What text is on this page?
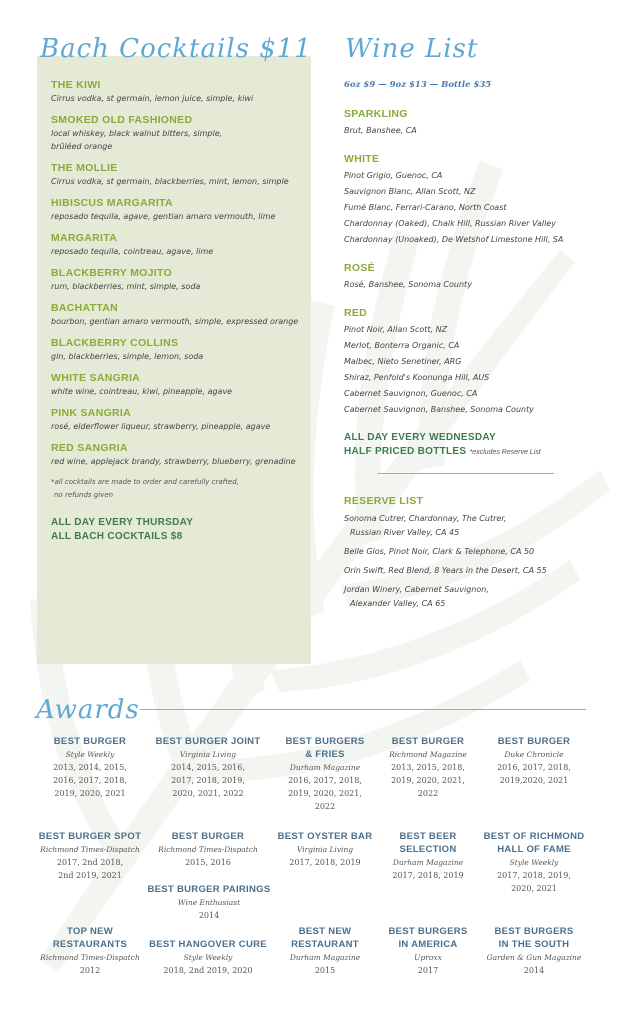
Bach Cocktails $11
THE KIWI
Cirrus vodka, st germain, lemon juice, simple, kiwi
SMOKED OLD FASHIONED
local whiskey, black walnut bitters, simple,
brûléed orange
THE MOLLIE
Cirrus vodka, st germain, blackberries, mint, lemon, simple
HIBISCUS MARGARITA
reposado tequila, agave, gentian amaro vermouth, lime
MARGARITA
reposado tequila, cointreau, agave, lime
BLACKBERRY MOJITO
rum, blackberries, mint, simple, soda
BACHATTAN
bourbon, gentian amaro vermouth, simple, expressed orange
BLACKBERRY COLLINS
gin, blackberries, simple, lemon, soda
WHITE SANGRIA
white wine, cointreau, kiwi, pineapple, agave
PINK SANGRIA
rosé, elderflower liqueur, strawberry, pineapple, agave
RED SANGRIA
red wine, applejack brandy, strawberry, blueberry, grenadine
*all cocktails are made to order and carefully crafted,
no refunds given
ALL DAY EVERY THURSDAY
ALL BACH COCKTAILS $8
Wine List
6oz $9 — 9oz $13 — Bottle $35
SPARKLING
Brut, Banshee, CA
WHITE
Pinot Grigio, Guenoc, CA
Sauvignon Blanc, Allan Scott, NZ
Fumé Blanc, Ferrari-Carano, North Coast
Chardonnay (Oaked), Chalk Hill, Russian River Valley
Chardonnay (Unoaked), De Wetshof Limestone Hill, SA
ROSÉ
Rosé, Banshee, Sonoma County
RED
Pinot Noir, Allan Scott, NZ
Merlot, Bonterra Organic, CA
Malbec, Nieto Senetiner, ARG
Shiraz, Penfold's Koonunga Hill, AUS
Cabernet Sauvignon, Guenoc, CA
Cabernet Sauvignon, Banshee, Sonoma County
ALL DAY EVERY WEDNESDAY
HALF PRICED BOTTLES *excludes Reserve List
RESERVE LIST
Sonoma Cutrer, Chardonnay, The Cutrer,
Russian River Valley, CA 45
Belle Glos, Pinot Noir, Clark & Telephone, CA 50
Orin Swift, Red Blend, 8 Years in the Desert, CA 55
Jordan Winery, Cabernet Sauvignon,
Alexander Valley, CA 65
Awards
BEST BURGER
Style Weekly
2013, 2014, 2015,
2016, 2017, 2018,
2019, 2020, 2021
BEST BURGER JOINT
Virginia Living
2014, 2015, 2016,
2017, 2018, 2019,
2020, 2021, 2022
BEST BURGERS
& FRIES
Durham Magazine
2016, 2017, 2018,
2019, 2020, 2021,
2022
BEST BURGER
Richmond Magazine
2013, 2015, 2018,
2019, 2020, 2021,
2022
BEST BURGER
Duke Chronicle
2016, 2017, 2018,
2019,2020, 2021
BEST BURGER SPOT
Richmond Times-Dispatch
2017, 2nd 2018,
2nd 2019, 2021
BEST BURGER
Richmond Times-Dispatch
2015, 2016
BEST OYSTER BAR
Virginia Living
2017, 2018, 2019
BEST BEER
SELECTION
Durham Magazine
2017, 2018, 2019
BEST OF RICHMOND
HALL OF FAME
Style Weekly
2017, 2018, 2019,
2020, 2021
BEST BURGER PAIRINGS
Wine Enthusiast
2014
TOP NEW
RESTAURANTS
Richmond Times-Dispatch
2012
BEST HANGOVER CURE
Style Weekly
2018, 2nd 2019, 2020
BEST NEW
RESTAURANT
Durham Magazine
2015
BEST BURGERS
IN AMERICA
Uproxx
2017
BEST BURGERS
IN THE SOUTH
Garden & Gun Magazine
2014
